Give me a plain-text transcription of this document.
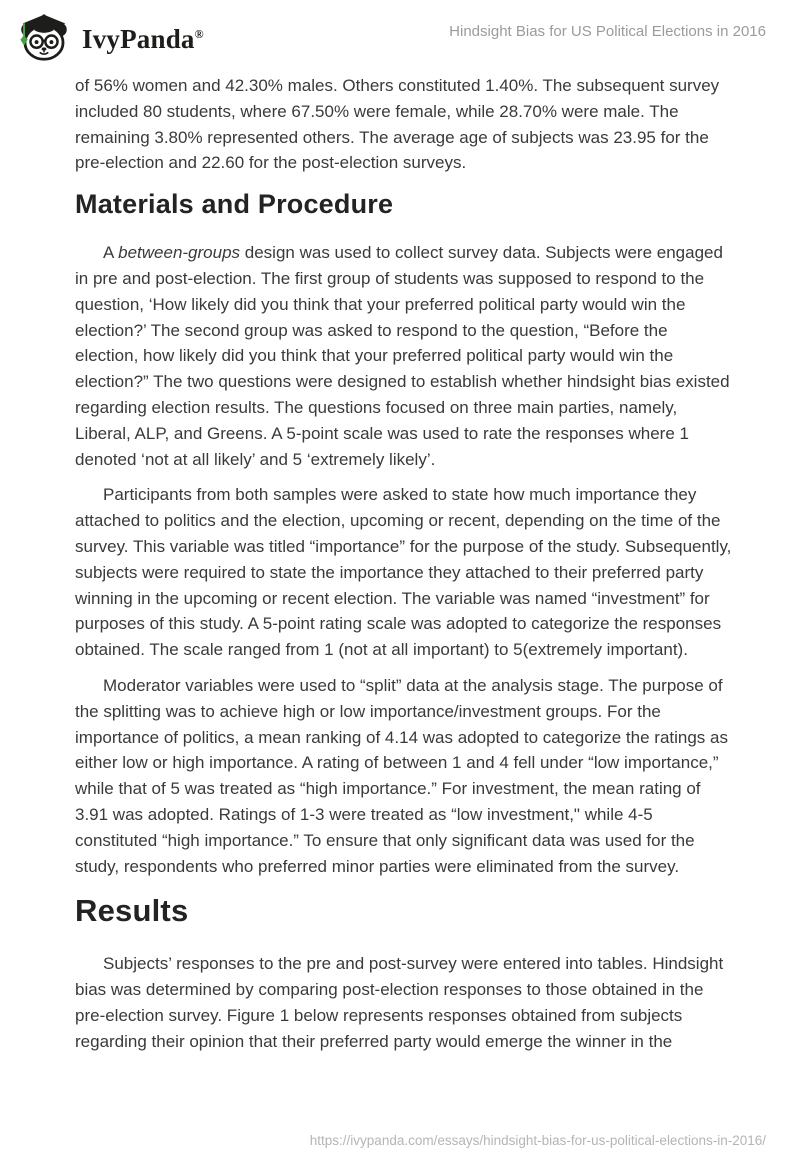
IvyPanda®	Hindsight Bias for US Political Elections in 2016

of 56% women and 42.30% males. Others constituted 1.40%. The subsequent survey included 80 students, where 67.50% were female, while 28.70% were male. The remaining 3.80% represented others. The average age of subjects was 23.95 for the pre-election and 22.60 for the post-election surveys.

Materials and Procedure

A between-groups design was used to collect survey data. Subjects were engaged in pre and post-election. The first group of students was supposed to respond to the question, ‘How likely did you think that your preferred political party would win the election?’ The second group was asked to respond to the question, “Before the election, how likely did you think that your preferred political party would win the election?” The two questions were designed to establish whether hindsight bias existed regarding election results. The questions focused on three main parties, namely, Liberal, ALP, and Greens. A 5-point scale was used to rate the responses where 1 denoted ‘not at all likely’ and 5 ‘extremely likely’.

Participants from both samples were asked to state how much importance they attached to politics and the election, upcoming or recent, depending on the time of the survey. This variable was titled “importance” for the purpose of the study. Subsequently, subjects were required to state the importance they attached to their preferred party winning in the upcoming or recent election. The variable was named “investment” for purposes of this study. A 5-point rating scale was adopted to categorize the responses obtained. The scale ranged from 1 (not at all important) to 5(extremely important).

Moderator variables were used to “split” data at the analysis stage. The purpose of the splitting was to achieve high or low importance/investment groups. For the importance of politics, a mean ranking of 4.14 was adopted to categorize the ratings as either low or high importance. A rating of between 1 and 4 fell under “low importance,” while that of 5 was treated as “high importance.” For investment, the mean rating of 3.91 was adopted. Ratings of 1-3 were treated as “low investment," while 4-5 constituted “high importance.” To ensure that only significant data was used for the study, respondents who preferred minor parties were eliminated from the survey.

Results

Subjects’ responses to the pre and post-survey were entered into tables. Hindsight bias was determined by comparing post-election responses to those obtained in the pre-election survey. Figure 1 below represents responses obtained from subjects regarding their opinion that their preferred party would emerge the winner in the

https://ivypanda.com/essays/hindsight-bias-for-us-political-elections-in-2016/
